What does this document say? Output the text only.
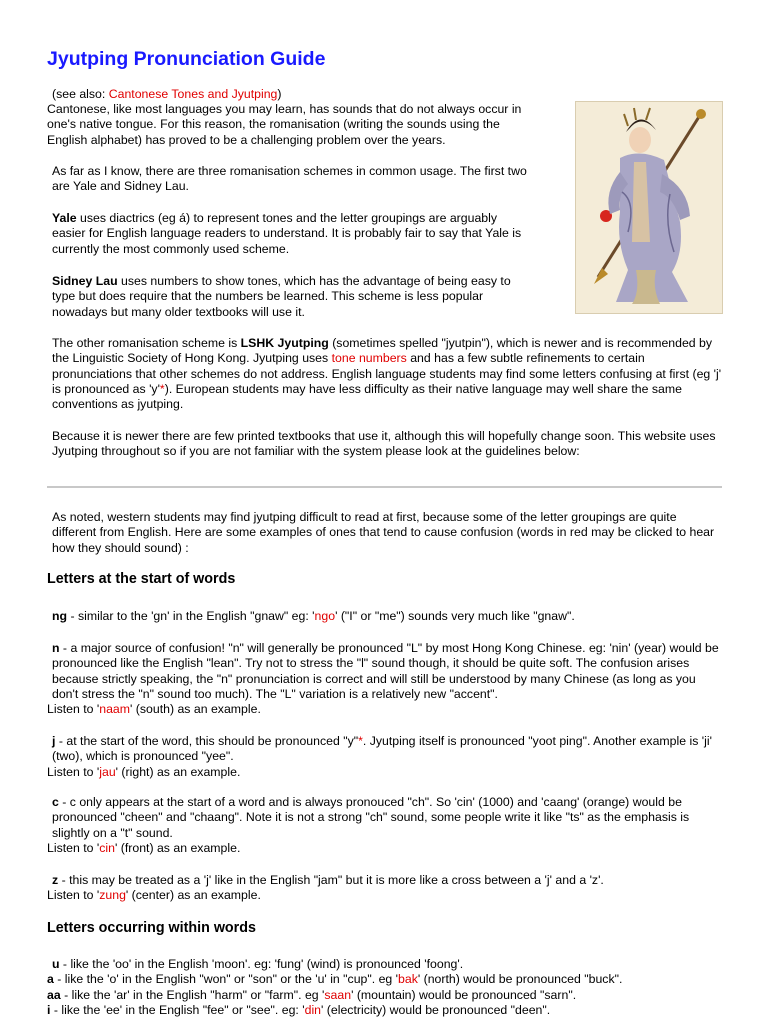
Jyutping Pronunciation Guide

(see also: Cantonese Tones and Jyutping)

Cantonese, like most languages you may learn, has sounds that do not always occur in one's native tongue. For this reason, the romanisation (writing the sounds using the English alphabet) has proved to be a challenging problem over the years.

As far as I know, there are three romanisation schemes in common usage. The first two are Yale and Sidney Lau.

Yale uses diactrics (eg á) to represent tones and the letter groupings are arguably easier for English language readers to understand. It is probably fair to say that Yale is currently the most commonly used scheme.

Sidney Lau uses numbers to show tones, which has the advantage of being easy to type but does require that the numbers be learned. This scheme is less popular nowadays but many older textbooks will use it.

The other romanisation scheme is LSHK Jyutping (sometimes spelled "jyutpin"), which is newer and is recommended by the Linguistic Society of Hong Kong. Jyutping uses tone numbers and has a few subtle refinements to certain pronunciations that other schemes do not address. English language students may find some letters confusing at first (eg 'j' is pronounced as 'y'*). European students may have less difficulty as their native language may well share the same conventions as jyutping.

Because it is newer there are few printed textbooks that use it, although this will hopefully change soon. This website uses Jyutping throughout so if you are not familiar with the system please look at the guidelines below:

As noted, western students may find jyutping difficult to read at first, because some of the letter groupings are quite different from English. Here are some examples of ones that tend to cause confusion (words in red may be clicked to hear how they should sound) :

Letters at the start of words

ng - similar to the 'gn' in the English "gnaw" eg: 'ngo' ("I" or "me") sounds very much like "gnaw".

n - a major source of confusion! "n" will generally be pronounced "L" by most Hong Kong Chinese. eg: 'nin' (year) would be pronounced like the English "lean". Try not to stress the "l" sound though, it should be quite soft. The confusion arises because strictly speaking, the "n" pronunciation is correct and will still be understood by many Chinese (as long as you don't stress the "n" sound too much). The "L" variation is a relatively new "accent".
Listen to 'naam' (south) as an example.
j - at the start of the word, this should be pronounced "y"*. Jyutping itself is pronounced "yoot ping". Another example is 'ji' (two), which is pronounced "yee".
Listen to 'jau' (right) as an example.
c - c only appears at the start of a word and is always pronouced "ch". So 'cin' (1000) and 'caang' (orange) would be pronounced "cheen" and "chaang". Note it is not a strong "ch" sound, some people write it like "ts" as the emphasis is slightly on a "t" sound.
Listen to 'cin' (front) as an example.
z - this may be treated as a 'j' like in the English "jam" but it is more like a cross between a 'j' and a 'z'.
Listen to 'zung' (center) as an example.
Letters occurring within words
u - like the 'oo' in the English 'moon'. eg: 'fung' (wind) is pronounced 'foong'.
a - like the 'o' in the English "won" or "son" or the 'u' in "cup". eg 'bak' (north) would be pronounced "buck".
aa - like the 'ar' in the English "harm" or "farm". eg 'saan' (mountain) would be pronounced "sarn".
i - like the 'ee' in the English "fee" or "see". eg: 'din' (electricity) would be pronounced "deen".
